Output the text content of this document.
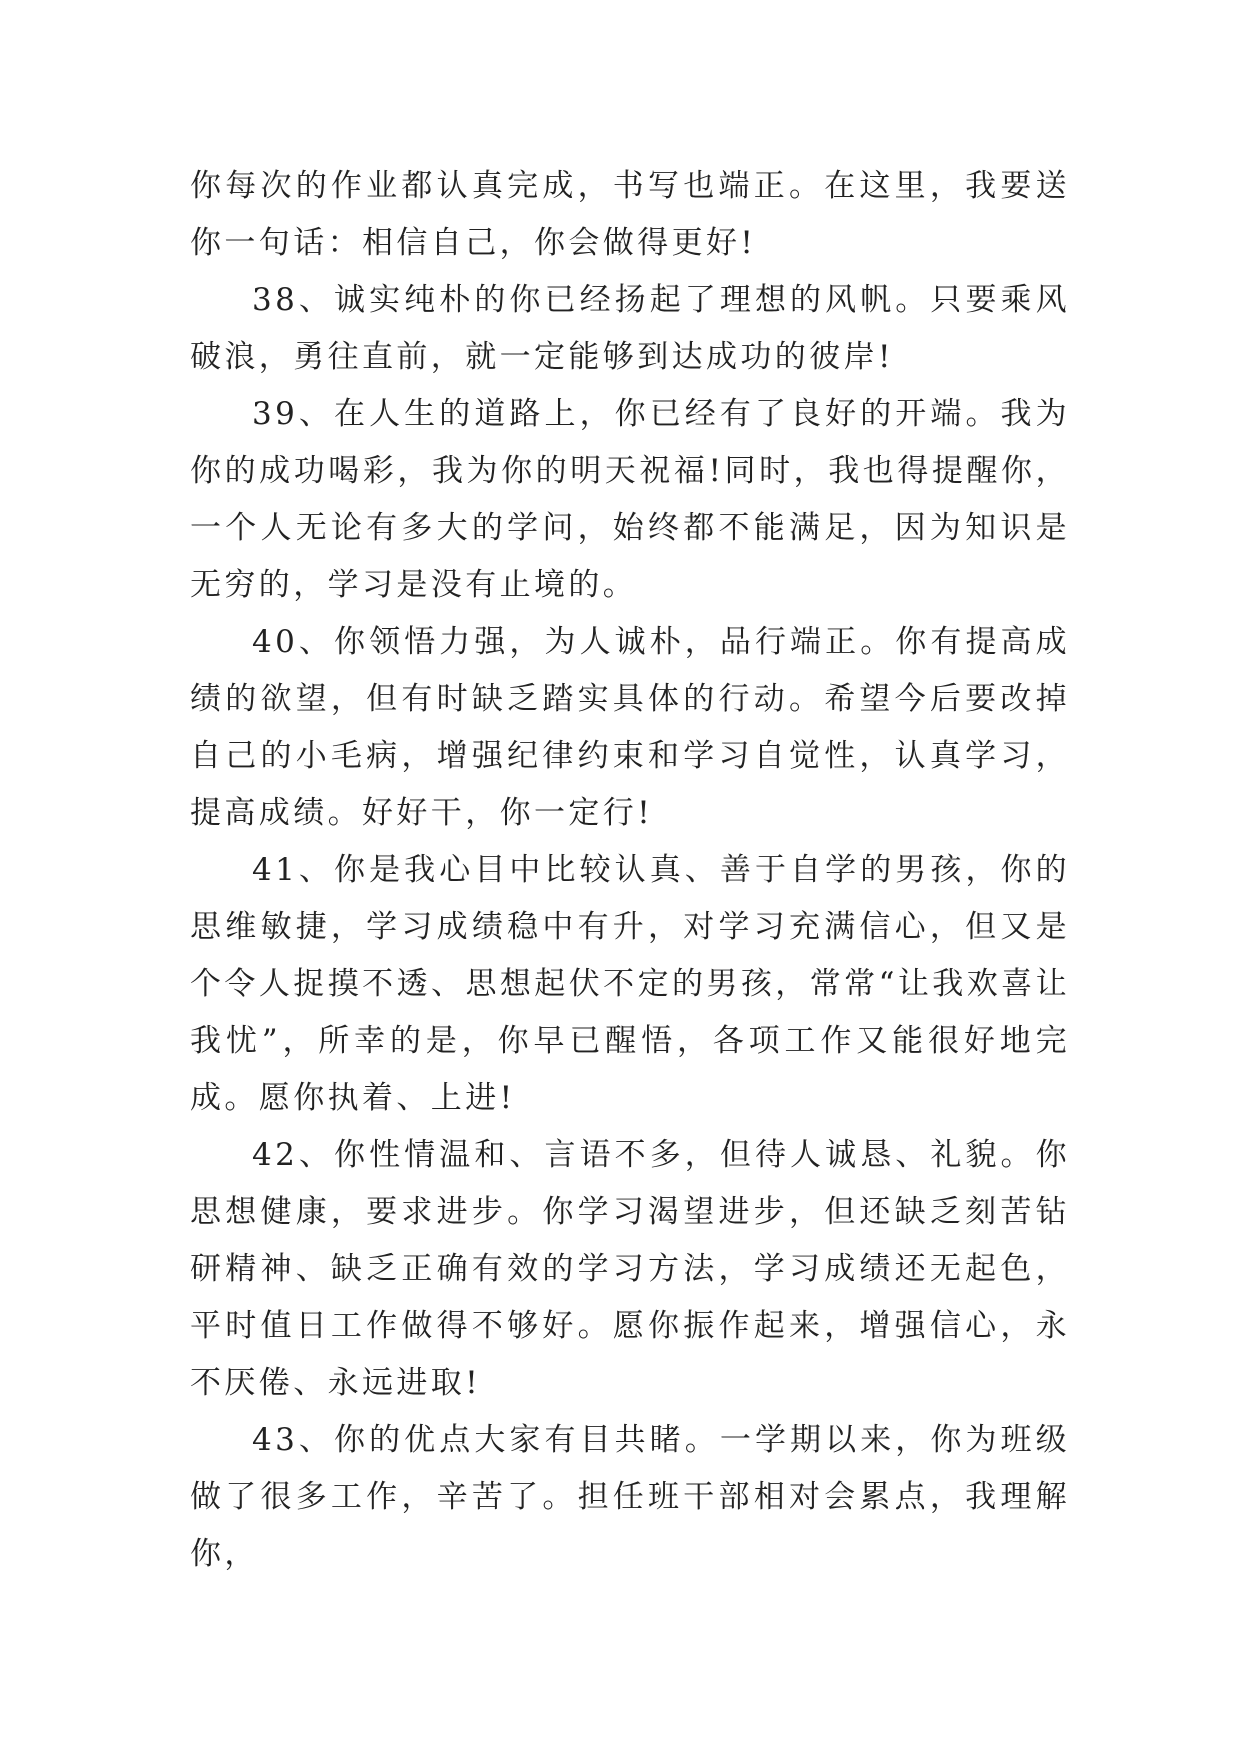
你每次的作业都认真完成，书写也端正。在这里，我要送你一句话：相信自己，你会做得更好!

38、诚实纯朴的你已经扬起了理想的风帆。只要乘风破浪，勇往直前，就一定能够到达成功的彼岸!

39、在人生的道路上，你已经有了良好的开端。我为你的成功喝彩，我为你的明天祝福!同时，我也得提醒你，一个人无论有多大的学问，始终都不能满足，因为知识是无穷的，学习是没有止境的。

40、你领悟力强，为人诚朴，品行端正。你有提高成绩的欲望，但有时缺乏踏实具体的行动。希望今后要改掉自己的小毛病，增强纪律约束和学习自觉性，认真学习，提高成绩。好好干，你一定行!

41、你是我心目中比较认真、善于自学的男孩，你的思维敏捷，学习成绩稳中有升，对学习充满信心，但又是个令人捉摸不透、思想起伏不定的男孩，常常“让我欢喜让我忧”，所幸的是，你早已醒悟，各项工作又能很好地完成。愿你执着、上进!

42、你性情温和、言语不多，但待人诚恳、礼貌。你思想健康，要求进步。你学习渴望进步，但还缺乏刻苦钻研精神、缺乏正确有效的学习方法，学习成绩还无起色，平时值日工作做得不够好。愿你振作起来，增强信心，永不厌倦、永远进取!

43、你的优点大家有目共睹。一学期以来，你为班级做了很多工作，辛苦了。担任班干部相对会累点，我理解你，
